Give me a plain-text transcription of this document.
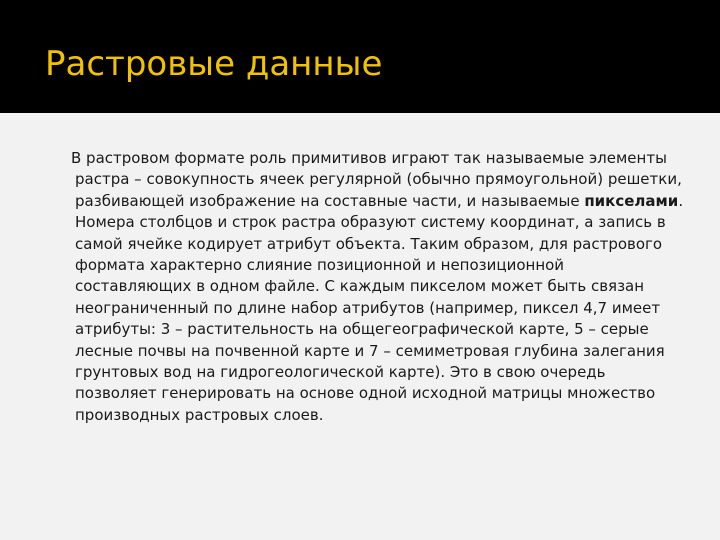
Растровые данные

В растровом формате роль примитивов играют так называемые элементы растра – совокупность ячеек регулярной (обычно прямоугольной) решетки, разбивающей изображение на составные части, и называемые пикселами. Номера столбцов и строк растра образуют систему координат, а запись в самой ячейке кодирует атрибут объекта. Таким образом, для растрового формата характерно слияние позиционной и непозиционной составляющих в одном файле. С каждым пикселом может быть связан неограниченный по длине набор атрибутов (например, пиксел 4,7 имеет атрибуты: 3 – растительность на общегеографической карте, 5 – серые лесные почвы на почвенной карте и 7 – семиметровая глубина залегания грунтовых вод на гидрогеологической карте). Это в свою очередь позволяет генерировать на основе одной исходной матрицы множество производных растровых слоев.
